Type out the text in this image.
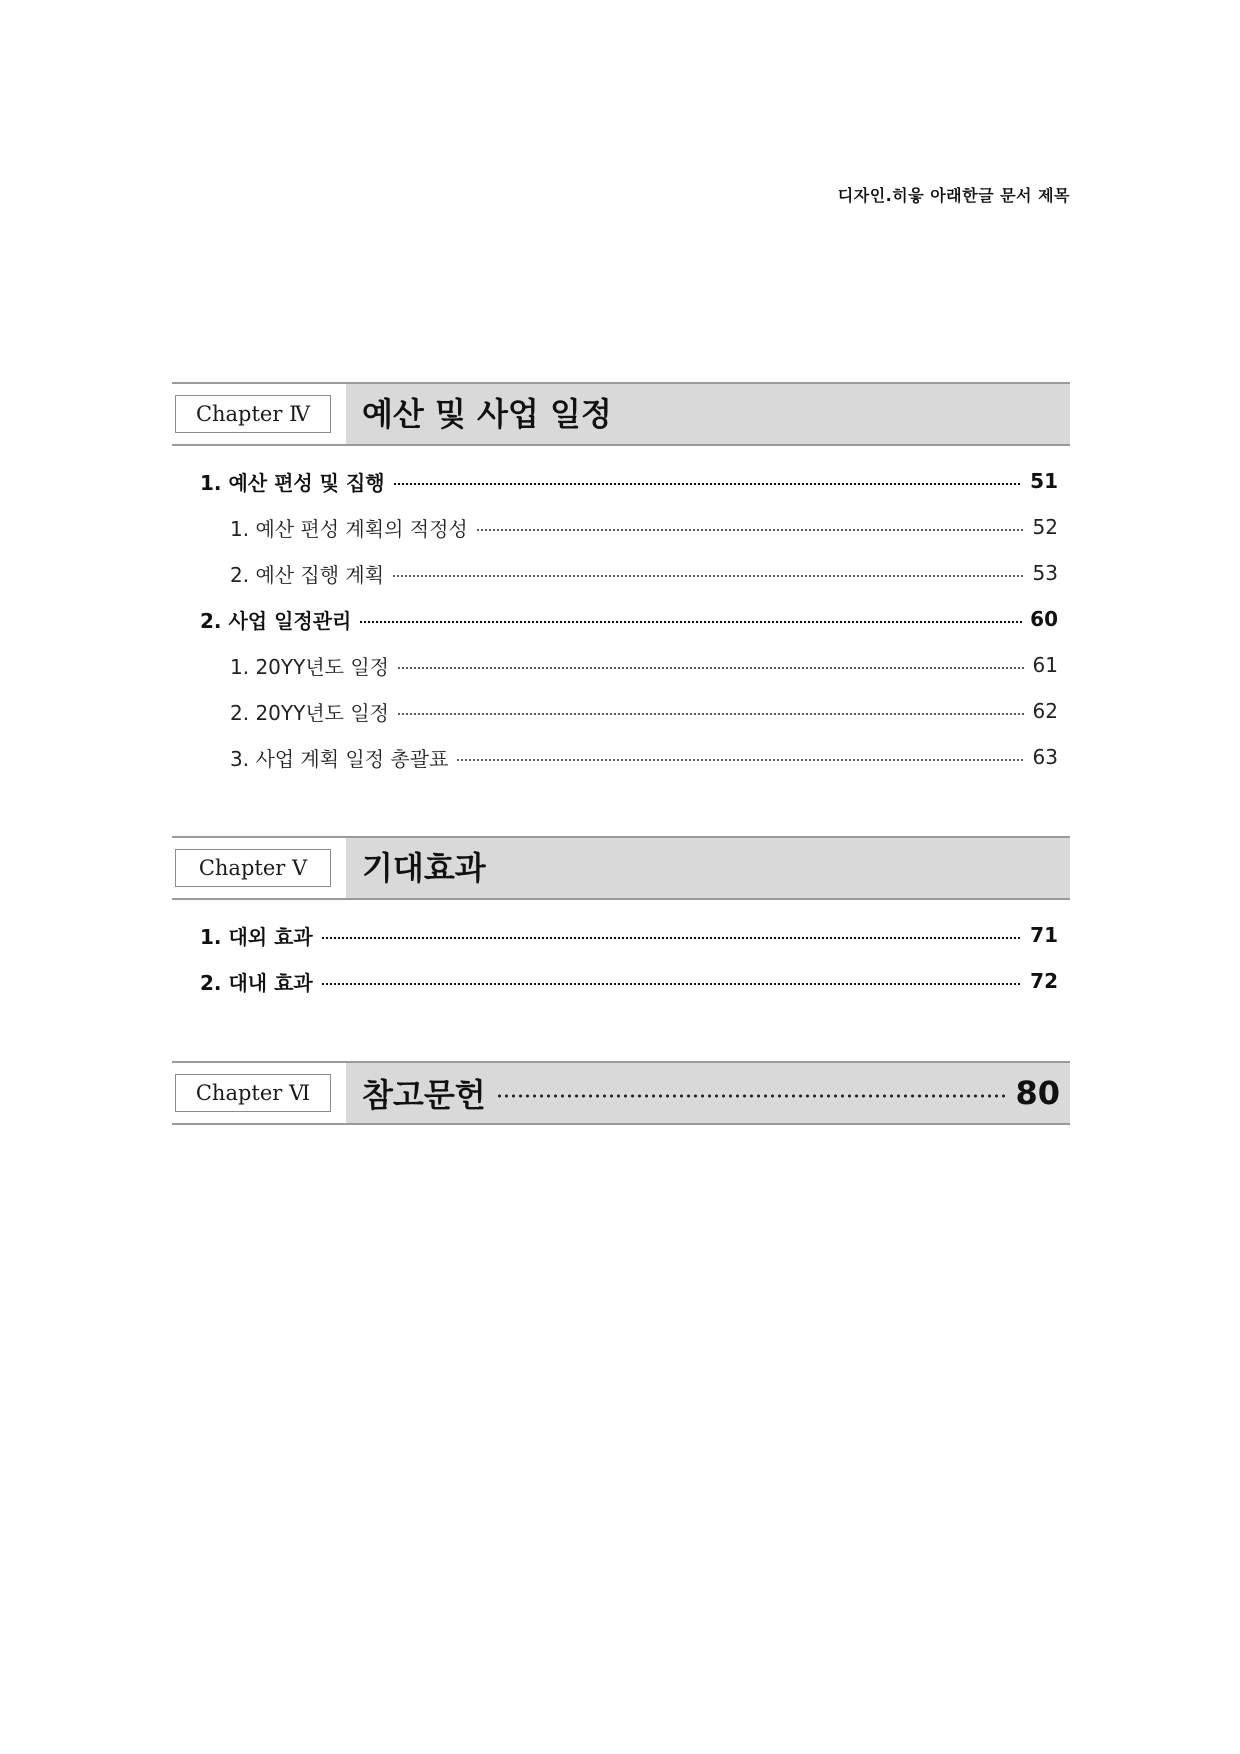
디자인.히읗 아래한글 문서 제목
Chapter Ⅳ	예산 및 사업 일정
1. 예산 편성 및 집행	51
1. 예산 편성 계획의 적정성	52
2. 예산 집행 계획	53
2. 사업 일정관리	60
1. 20YY년도 일정	61
2. 20YY년도 일정	62
3. 사업 계획 일정 총괄표	63
Chapter Ⅴ	기대효과
1. 대외 효과	71
2. 대내 효과	72
Chapter Ⅵ	참고문헌	80
